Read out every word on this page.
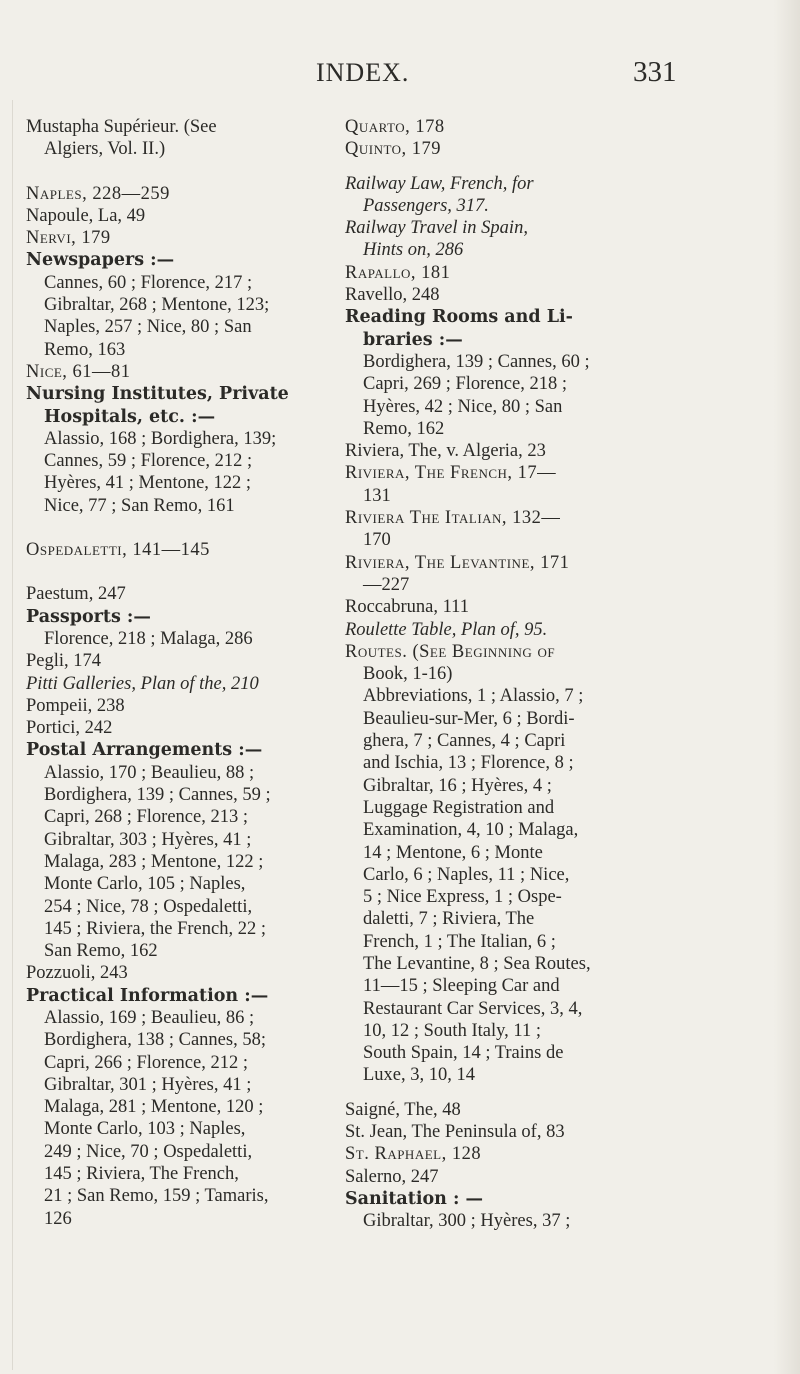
INDEX.	331
Mustapha Supérieur. (See
Algiers, Vol. II.)
Naples, 228—259
Napoule, La, 49
Nervi, 179
Newspapers :—
Cannes, 60 ; Florence, 217 ;
Gibraltar, 268 ; Mentone, 123;
Naples, 257 ; Nice, 80 ; San
Remo, 163
Nice, 61—81
Nursing Institutes, Private
Hospitals, etc. :—
Alassio, 168 ; Bordighera, 139;
Cannes, 59 ; Florence, 212 ;
Hyères, 41 ; Mentone, 122 ;
Nice, 77 ; San Remo, 161
Ospedaletti, 141—145
Paestum, 247
Passports :—
Florence, 218 ; Malaga, 286
Pegli, 174
Pitti Galleries, Plan of the, 210
Pompeii, 238
Portici, 242
Postal Arrangements :—
Alassio, 170 ; Beaulieu, 88 ;
Bordighera, 139 ; Cannes, 59 ;
Capri, 268 ; Florence, 213 ;
Gibraltar, 303 ; Hyères, 41 ;
Malaga, 283 ; Mentone, 122 ;
Monte Carlo, 105 ; Naples,
254 ; Nice, 78 ; Ospedaletti,
145 ; Riviera, the French, 22 ;
San Remo, 162
Pozzuoli, 243
Practical Information :—
Alassio, 169 ; Beaulieu, 86 ;
Bordighera, 138 ; Cannes, 58;
Capri, 266 ; Florence, 212 ;
Gibraltar, 301 ; Hyères, 41 ;
Malaga, 281 ; Mentone, 120 ;
Monte Carlo, 103 ; Naples,
249 ; Nice, 70 ; Ospedaletti,
145 ; Riviera, The French,
21 ; San Remo, 159 ; Tamaris,
126
Quarto, 178
Quinto, 179
Railway Law, French, for
Passengers, 317.
Railway Travel in Spain,
Hints on, 286
Rapallo, 181
Ravello, 248
Reading Rooms and Li-
braries :—
Bordighera, 139 ; Cannes, 60 ;
Capri, 269 ; Florence, 218 ;
Hyères, 42 ; Nice, 80 ; San
Remo, 162
Riviera, The, v. Algeria, 23
Riviera, The French, 17—
131
Riviera The Italian, 132—
170
Riviera, The Levantine, 171
—227
Roccabruna, 111
Roulette Table, Plan of, 95.
Routes. (See Beginning of
Book, 1-16)
Abbreviations, 1 ; Alassio, 7 ;
Beaulieu-sur-Mer, 6 ; Bordi-
ghera, 7 ; Cannes, 4 ; Capri
and Ischia, 13 ; Florence, 8 ;
Gibraltar, 16 ; Hyères, 4 ;
Luggage Registration and
Examination, 4, 10 ; Malaga,
14 ; Mentone, 6 ; Monte
Carlo, 6 ; Naples, 11 ; Nice,
5 ; Nice Express, 1 ; Ospe-
daletti, 7 ; Riviera, The
French, 1 ; The Italian, 6 ;
The Levantine, 8 ; Sea Routes,
11—15 ; Sleeping Car and
Restaurant Car Services, 3, 4,
10, 12 ; South Italy, 11 ;
South Spain, 14 ; Trains de
Luxe, 3, 10, 14
Saigné, The, 48
St. Jean, The Peninsula of, 83
St. Raphael, 128
Salerno, 247
Sanitation : —
Gibraltar, 300 ; Hyères, 37 ;
